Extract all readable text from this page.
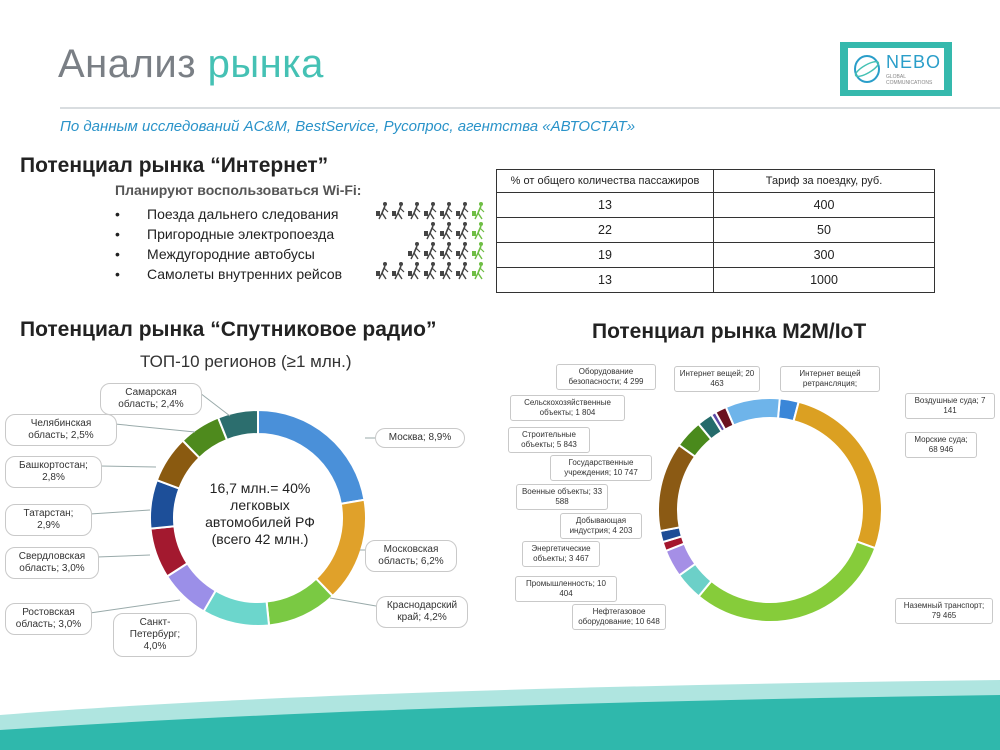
Анализ рынка	NEBO
GLOBAL COMMUNICATIONS
По данным исследований AC&M, BestService, Русопрос, агентства «АВТОСТАТ»
Потенциал рынка “Интернет”
Планируют воспользоваться Wi-Fi:
•	Поезда дальнего следования
•	Пригородные электропоезда
•	Междугородние автобусы
•	Самолеты внутренних рейсов
% от общего количества пассажиров	Тариф за поездку, руб.
13	400
22	50
19	300
13	1000
Потенциал рынка “Спутниковое радио”
ТОП-10 регионов (≥1 млн.)
16,7 млн.= 40%
легковых
автомобилей РФ
(всего 42 млн.)
Потенциал рынка M2M/IoT
Москва; 8,9%
Московская область; 6,2%
Краснодарский край; 4,2%
Санкт-Петербург; 4,0%
Ростовская область; 3,0%
Свердловская область; 3,0%
Татарстан; 2,9%
Башкортостан; 2,8%
Челябинская область; 2,5%
Самарская область; 2,4%	Воздушные суда; 7 141
Морские суда; 68 946
Наземный транспорт; 79 465
Нефтегазовое оборудование; 10 648
Промышленность; 10 404
Энергетические объекты; 3 467
Добывающая индустрия; 4 203
Военные объекты; 33 588
Государственные учреждения; 10 747
Строительные объекты; 5 843
Сельскохозяйственные объекты; 1 804
Оборудование безопасности; 4 299
Интернет вещей; 20 463
Интернет вещей ретрансляция;
